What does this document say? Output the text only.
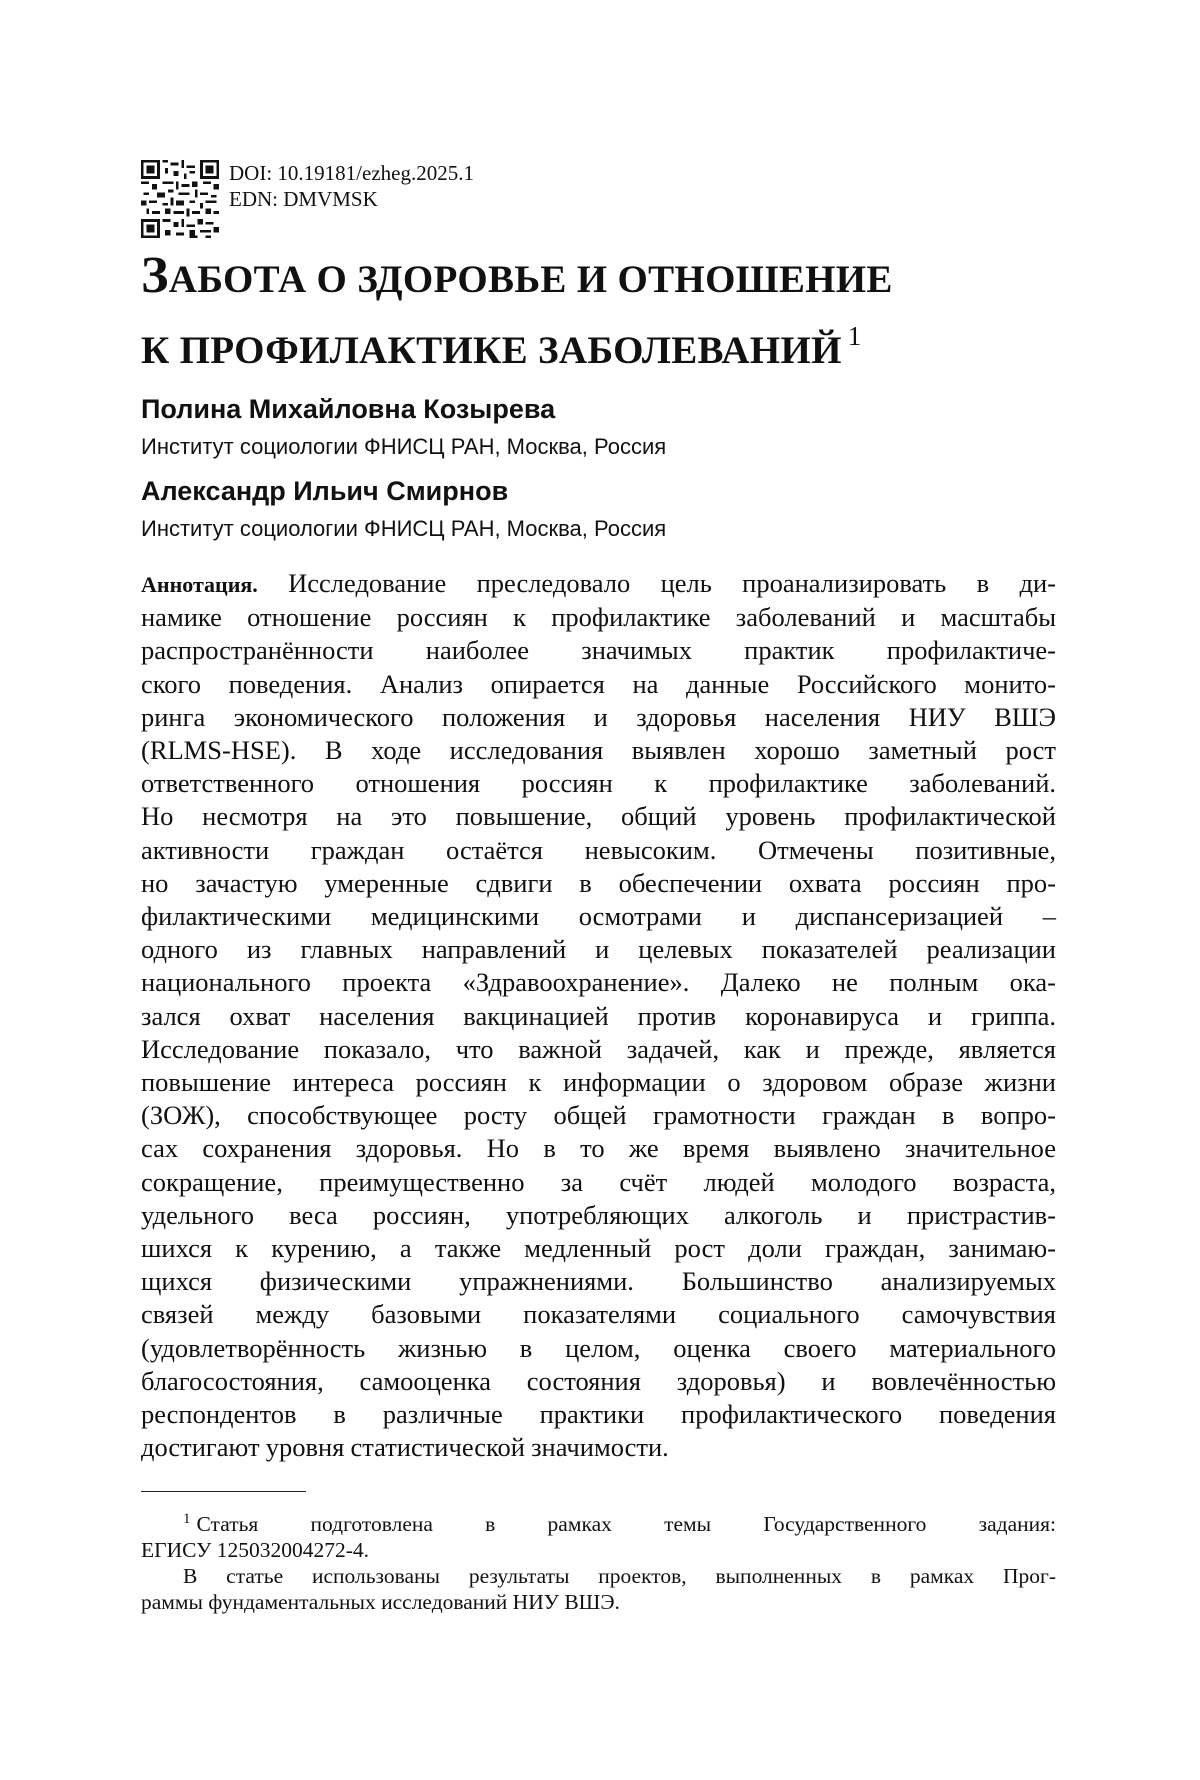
DOI: 10.19181/ezheg.2025.1
EDN: DMVMSK
ЗАБОТА О ЗДОРОВЬЕ И ОТНОШЕНИЕ
К ПРОФИЛАКТИКЕ ЗАБОЛЕВАНИЙ $^1$
Полина Михайловна Козырева
Институт социологии ФНИСЦ РАН, Москва, Россия
Александр Ильич Смирнов
Институт социологии ФНИСЦ РАН, Москва, Россия
Аннотация. Исследование преследовало цель проанализировать в ди-
намике отношение россиян к профилактике заболеваний и масштабы
распространённости наиболее значимых практик профилактиче-
ского поведения. Анализ опирается на данные Российского монито-
ринга экономического положения и здоровья населения НИУ ВШЭ
(RLMS-HSE). В ходе исследования выявлен хорошо заметный рост
ответственного отношения россиян к профилактике заболеваний.
Но несмотря на это повышение, общий уровень профилактической
активности граждан остаётся невысоким. Отмечены позитивные,
но зачастую умеренные сдвиги в обеспечении охвата россиян про-
филактическими медицинскими осмотрами и диспансеризацией –
одного из главных направлений и целевых показателей реализации
национального проекта «Здравоохранение». Далеко не полным ока-
зался охват населения вакцинацией против коронавируса и гриппа.
Исследование показало, что важной задачей, как и прежде, является
повышение интереса россиян к информации о здоровом образе жизни
(ЗОЖ), способствующее росту общей грамотности граждан в вопро-
сах сохранения здоровья. Но в то же время выявлено значительное
сокращение, преимущественно за счёт людей молодого возраста,
удельного веса россиян, употребляющих алкоголь и пристрастив-
шихся к курению, а также медленный рост доли граждан, занимаю-
щихся физическими упражнениями. Большинство анализируемых
связей между базовыми показателями социального самочувствия
(удовлетворённость жизнью в целом, оценка своего материального
благосостояния, самооценка состояния здоровья) и вовлечённостью
респондентов в различные практики профилактического поведения
достигают уровня статистической значимости.
$^1$ Статья подготовлена в рамках темы Государственного задания:
ЕГИСУ 125032004272-4.
В статье использованы результаты проектов, выполненных в рамках Прог-
раммы фундаментальных исследований НИУ ВШЭ.
